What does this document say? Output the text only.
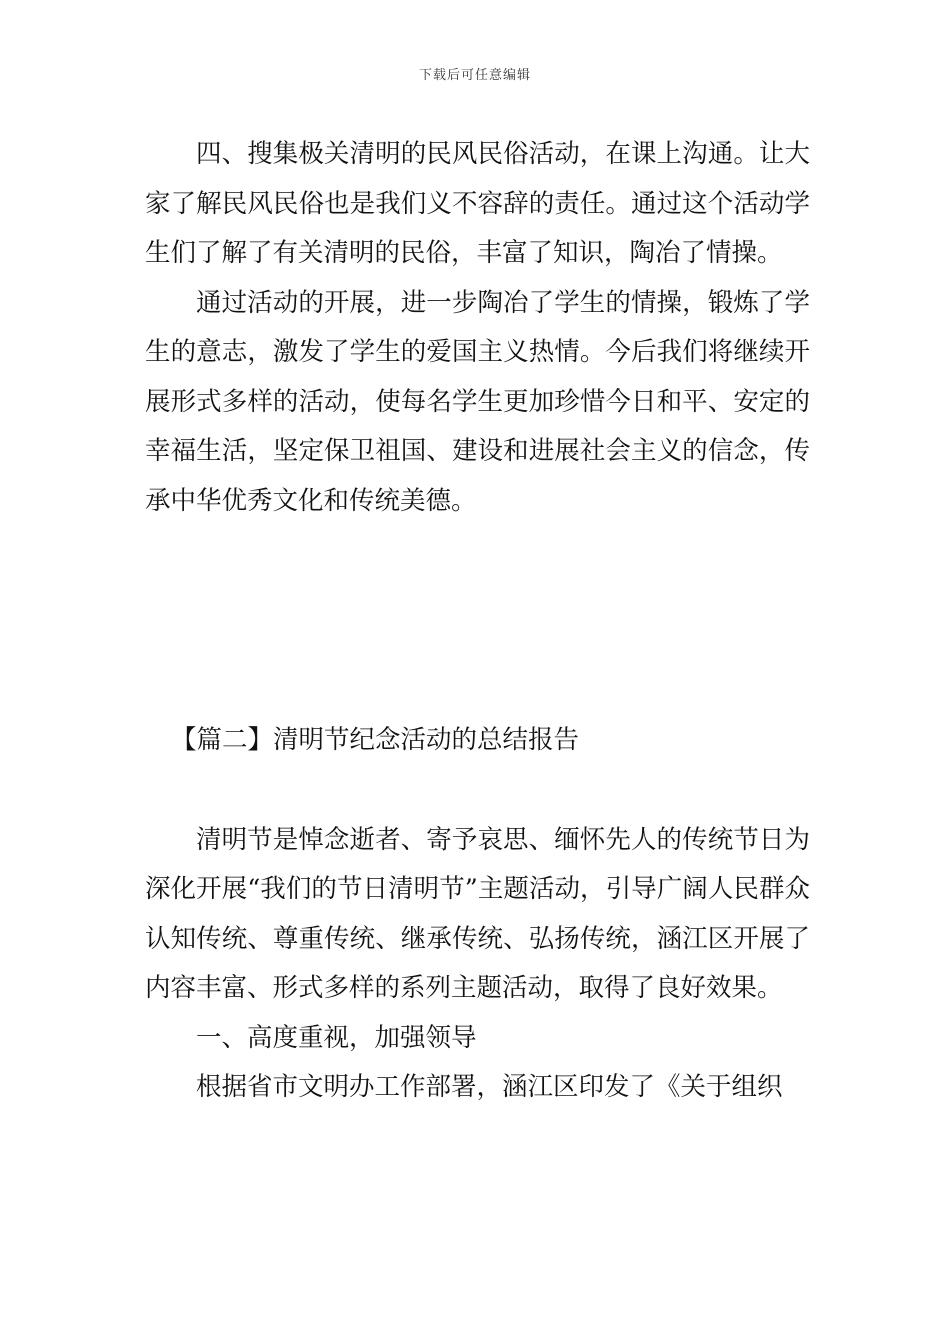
下载后可任意编辑

四、搜集极关清明的民风民俗活动，在课上沟通。让大家了解民风民俗也是我们义不容辞的责任。通过这个活动学生们了解了有关清明的民俗，丰富了知识，陶冶了情操。

通过活动的开展，进一步陶冶了学生的情操，锻炼了学生的意志，激发了学生的爱国主义热情。今后我们将继续开展形式多样的活动，使每名学生更加珍惜今日和平、安定的幸福生活，坚定保卫祖国、建设和进展社会主义的信念，传承中华优秀文化和传统美德。

【篇二】清明节纪念活动的总结报告

清明节是悼念逝者、寄予哀思、缅怀先人的传统节日为深化开展“我们的节日清明节”主题活动，引导广阔人民群众认知传统、尊重传统、继承传统、弘扬传统，涵江区开展了内容丰富、形式多样的系列主题活动，取得了良好效果。

一、高度重视，加强领导

根据省市文明办工作部署，涵江区印发了《关于组织
